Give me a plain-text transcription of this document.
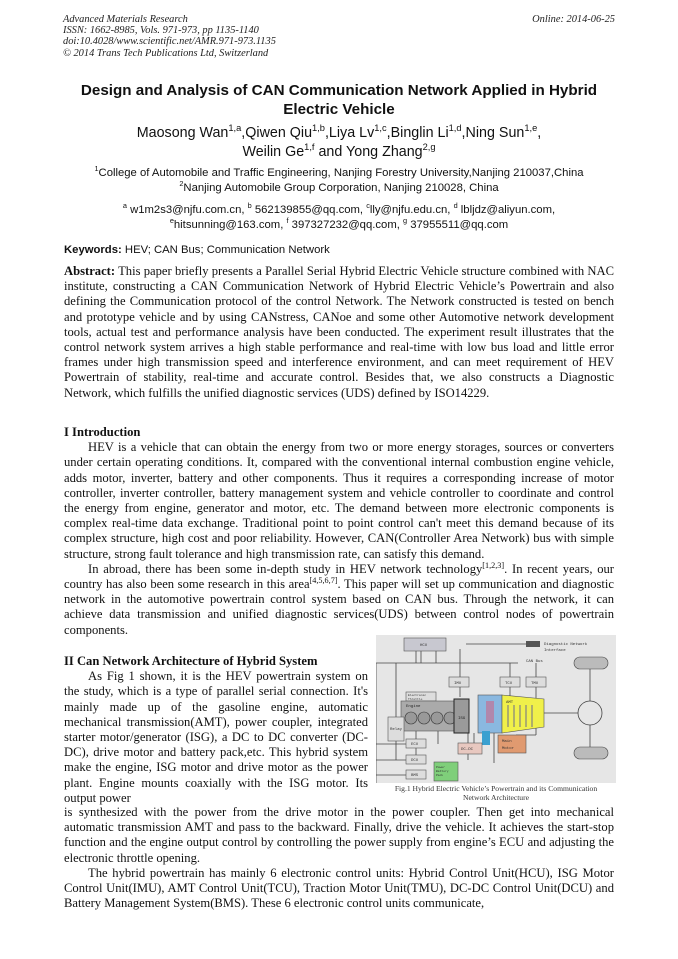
Advanced Materials Research
ISSN: 1662-8985, Vols. 971-973, pp 1135-1140
doi:10.4028/www.scientific.net/AMR.971-973.1135
© 2014 Trans Tech Publications Ltd, Switzerland
Online: 2014-06-25
Design and Analysis of CAN Communication Network Applied in Hybrid
Electric Vehicle
Maosong Wan$^{1,a}$,Qiwen Qiu$^{1,b}$,Liya Lv$^{1,c}$,Binglin Li$^{1,d}$,Ning Sun$^{1,e}$,
Weilin Ge$^{1,f}$ and Yong Zhang$^{2,g}$
$^1$College of Automobile and Traffic Engineering, Nanjing Forestry University,Nanjing 210037,China
$^2$Nanjing Automobile Group Corporation, Nanjing 210028, China
$^a$ w1m2s3@njfu.com.cn, $^b$ 562139855@qq.com, $^c$lly@njfu.edu.cn, $^d$ lbljdz@aliyun.com,
$^e$hitsunning@163.com, $^f$ 397327232@qq.com, $^g$ 37955511@qq.com
Keywords: HEV; CAN Bus; Communication Network

Abstract: This paper briefly presents a Parallel Serial Hybrid Electric Vehicle structure combined with NAC institute, constructing a CAN Communication Network of Hybrid Electric Vehicle’s Powertrain and also defining the Communication protocol of the control Network. The Network constructed is tested on bench and prototype vehicle and by using CANstress, CANoe and some other Automotive network development tools, actual test and performance analysis have been conducted. The experiment result illustrates that the control network system arrives a high stable performance and real-time with low bus load and little error frames under high transmission speed and interference environment, and can meet requirement of HEV Powertrain of stability, real-time and accurate control. Besides that, we also constructs a Diagnostic Network, which fulfills the unified diagnostic services (UDS) defined by ISO14229.

I Introduction

HEV is a vehicle that can obtain the energy from two or more energy storages, sources or converters under certain operating conditions. It, compared with the conventional internal combustion engine vehicle, adds motor, inverter, battery and other components. Thus it requires a corresponding increase of motor controller, inverter controller, battery management system and vehicle controller to coordinate and control the energy from engine, generator and motor, etc. The demand between more electronic components is complex real-time data exchange. Traditional point to point control can't meet this demand because of its complex structure, high cost and poor reliability. However, CAN(Controller Area Network) bus with simple structure, strong fault tolerance and high transmission rate, can satisfy this demand.

In abroad, there has been some in-depth study in HEV network technology[1,2,3]. In recent years, our country has also been some research in this area[4,5,6,7]. This paper will set up communication and diagnostic network in the automotive powertrain control system based on CAN bus. Through the network, it can achieve data transmission and unified diagnostic services(UDS) between control nodes of powertrain components.

II Can Network Architecture of Hybrid System

As Fig 1 shown, it is the HEV powertrain system on the study, which is a type of parallel serial connection. It's mainly made up of the gasoline engine, automatic mechanical transmission(AMT), power coupler, integrated starter motor/generator (ISG), a DC to DC converter (DC-DC), drive motor and battery pack,etc. This hybrid system make the engine, ISG motor and drive motor as the power plant. Engine mounts coaxially with the ISG motor. Its output power

HCU	Diagnostic Network
Interface
CAN Bus
IMU	TCU	TMU
Electronic
Throttle
Engine
Relay
ISG
AMT
Main
Motor
ECU
DCU
BMS
DC-DC
Power
Battery
Pack
Fig.1 Hybrid Electric Vehicle’s Powertrain and its Communication
Network Architecture

is synthesized with the power from the drive motor in the power coupler. Then get into mechanical automatic transmission AMT and pass to the backward. Finally, drive the vehicle. It achieves the start-stop function and the engine output control by controlling the power supply from engine’s ECU and adjusting the electronic throttle opening.

The hybrid powertrain has mainly 6 electronic control units: Hybrid Control Unit(HCU), ISG Motor Control Unit(IMU), AMT Control Unit(TCU), Traction Motor Unit(TMU), DC-DC Control Unit(DCU) and Battery Management System(BMS). These 6 electronic control units communicate,
